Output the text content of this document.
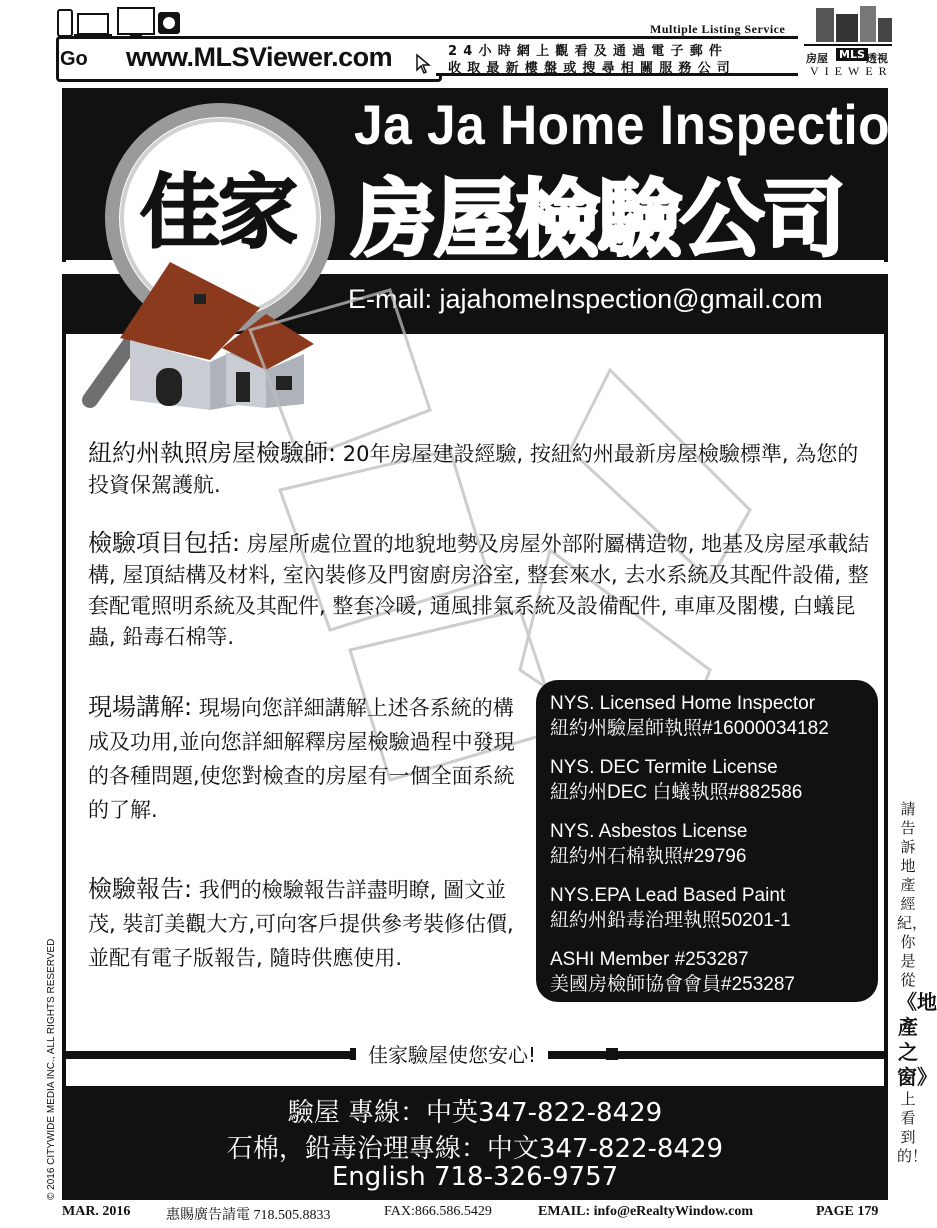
Go www.MLSViewer.com	24小時網上觀看及通過電子郵件
收取最新樓盤或搜尋相關服務公司
Multiple Listing Service
房屋 MLS 透視
VIEWER
Ja Ja Home Inspection
房屋檢驗公司
E-mail: jajahomeInspection@gmail.com
佳家
紐約州執照房屋檢驗師: 20年房屋建設經驗, 按紐約州最新房屋檢驗標準, 為您的投資保駕護航.
檢驗項目包括: 房屋所處位置的地貌地勢及房屋外部附屬構造物, 地基及房屋承載結構, 屋頂結構及材料, 室內裝修及門窗廚房浴室, 整套來水, 去水系統及其配件設備, 整套配電照明系統及其配件, 整套冷暖, 通風排氣系統及設備配件, 車庫及閣樓, 白蟻昆蟲, 鉛毒石棉等.
現場講解: 現場向您詳細講解上述各系統的構成及功用,並向您詳細解釋房屋檢驗過程中發現的各種問題,使您對檢查的房屋有一個全面系統的了解.
檢驗報告: 我們的檢驗報告詳盡明瞭, 圖文並茂, 裝訂美觀大方,可向客戶提供參考裝修估價,並配有電子版報告, 隨時供應使用.
NYS. Licensed Home Inspector
紐約州驗屋師執照#16000034182
NYS. DEC Termite License
紐約州DEC 白蟻執照#882586
NYS. Asbestos License
紐約州石棉執照#29796
NYS.EPA Lead Based Paint
紐約州鉛毒治理執照50201-1
ASHI Member #253287
美國房檢師協會會員#253287
佳家驗屋使您安心!
驗屋 專線：中英347-822-8429
石棉，鉛毒治理專線：中文347-822-8429
English 718-326-9757
© 2016 CITYWIDE MEDIA INC., ALL RIGHTS RESERVED
請告訴地產經紀，你是從《地產之窗》上看到的！
MAR. 2016	惠賜廣告請電 718.505.8833	FAX:866.586.5429	EMAIL: info@eRealtyWindow.com	PAGE 179
